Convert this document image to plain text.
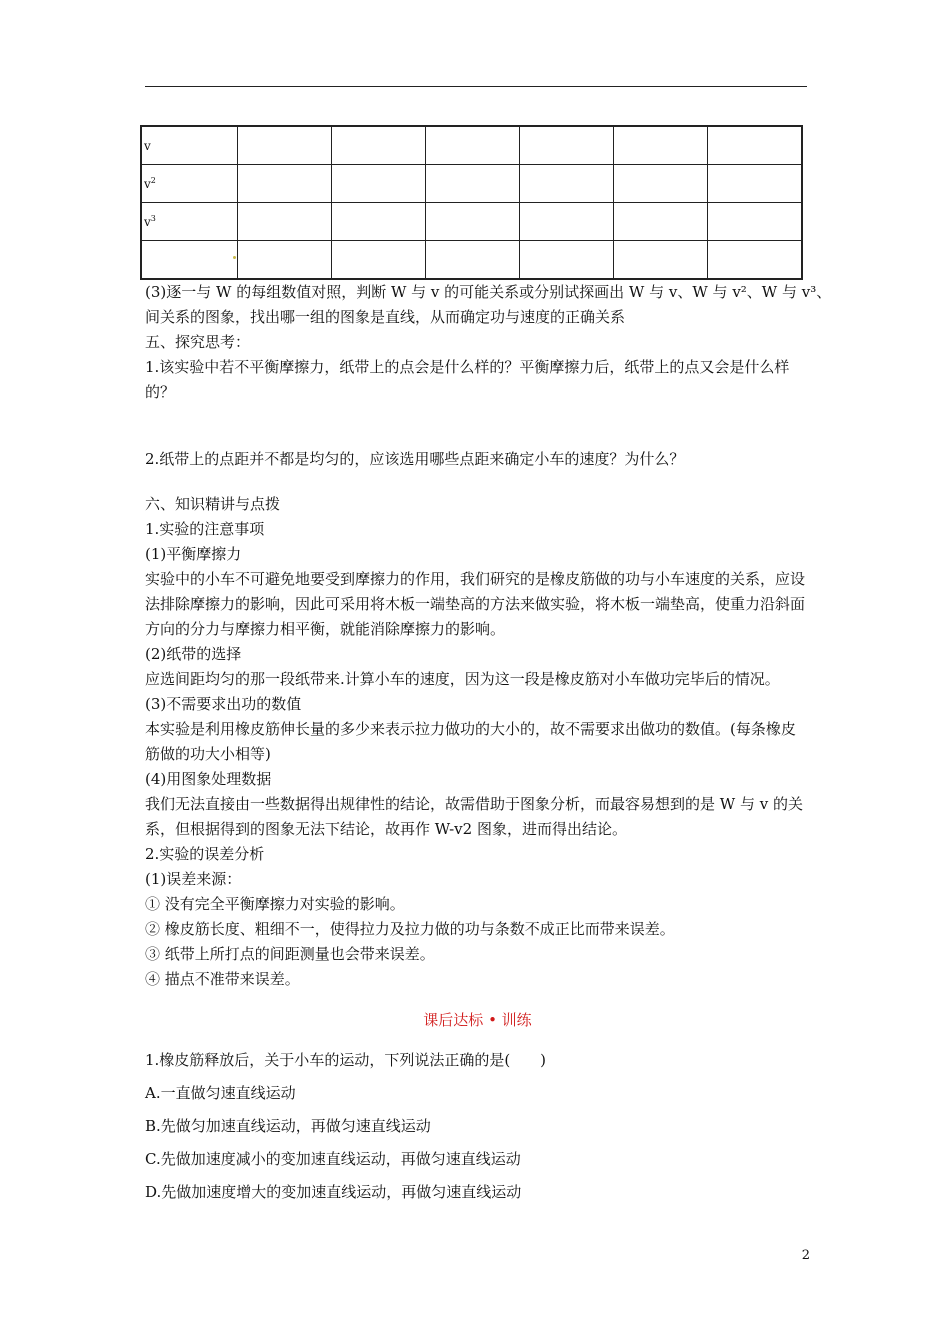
v						
$v^2$						
$v^3$						

(3)逐一与 W 的每组数值对照，判断 W 与 v 的可能关系或分别试探画出 W 与 v、W 与 v²、W 与 v³、

间关系的图象，找出哪一组的图象是直线，从而确定功与速度的正确关系

五、探究思考：

1.该实验中若不平衡摩擦力，纸带上的点会是什么样的？平衡摩擦力后，纸带上的点又会是什么样的？

2.纸带上的点距并不都是均匀的，应该选用哪些点距来确定小车的速度？为什么？

六、知识精讲与点拨

1.实验的注意事项

(1)平衡摩擦力

实验中的小车不可避免地要受到摩擦力的作用，我们研究的是橡皮筋做的功与小车速度的关系，应设法排除摩擦力的影响，因此可采用将木板一端垫高的方法来做实验，将木板一端垫高，使重力沿斜面方向的分力与摩擦力相平衡，就能消除摩擦力的影响。

(2)纸带的选择

应选间距均匀的那一段纸带来.计算小车的速度，因为这一段是橡皮筋对小车做功完毕后的情况。

(3)不需要求出功的数值

本实验是利用橡皮筋伸长量的多少来表示拉力做功的大小的，故不需要求出做功的数值。(每条橡皮筋做的功大小相等)

(4)用图象处理数据

我们无法直接由一些数据得出规律性的结论，故需借助于图象分析，而最容易想到的是 W 与 v 的关系，但根据得到的图象无法下结论，故再作 W-v2 图象，进而得出结论。

2.实验的误差分析

(1)误差来源：

① 没有完全平衡摩擦力对实验的影响。

② 橡皮筋长度、粗细不一，使得拉力及拉力做的功与条数不成正比而带来误差。

③ 纸带上所打点的间距测量也会带来误差。

④ 描点不准带来误差。

课后达标 • 训练

1.橡皮筋释放后，关于小车的运动，下列说法正确的是(　　)

A.一直做匀速直线运动

B.先做匀加速直线运动，再做匀速直线运动

C.先做加速度减小的变加速直线运动，再做匀速直线运动

D.先做加速度增大的变加速直线运动，再做匀速直线运动

2
